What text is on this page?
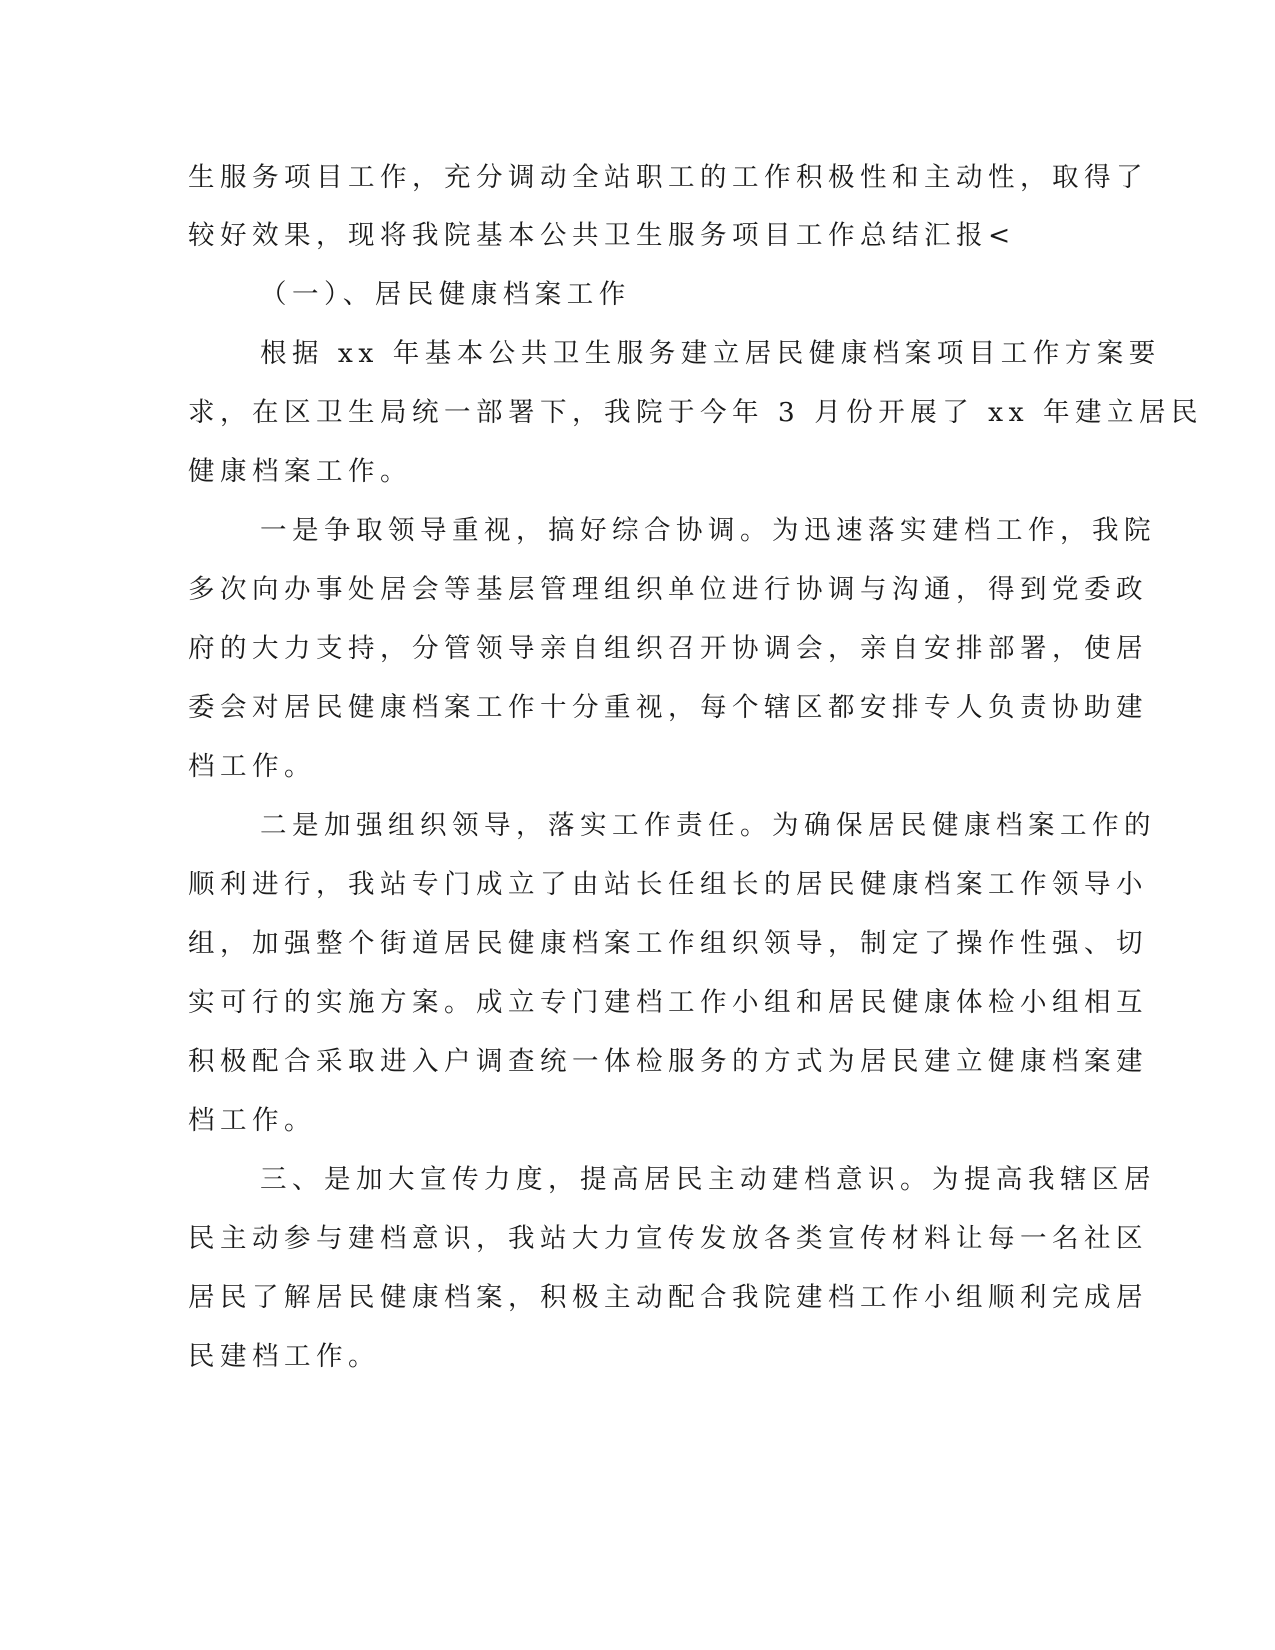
生服务项目工作，充分调动全站职工的工作积极性和主动性，取得了
较好效果，现将我院基本公共卫生服务项目工作总结汇报<
（一）、居民健康档案工作
根据 xx 年基本公共卫生服务建立居民健康档案项目工作方案要
求，在区卫生局统一部署下，我院于今年 3 月份开展了 xx 年建立居民
健康档案工作。
一是争取领导重视，搞好综合协调。为迅速落实建档工作，我院
多次向办事处居会等基层管理组织单位进行协调与沟通，得到党委政
府的大力支持，分管领导亲自组织召开协调会，亲自安排部署，使居
委会对居民健康档案工作十分重视，每个辖区都安排专人负责协助建
档工作。
二是加强组织领导，落实工作责任。为确保居民健康档案工作的
顺利进行，我站专门成立了由站长任组长的居民健康档案工作领导小
组，加强整个街道居民健康档案工作组织领导，制定了操作性强、切
实可行的实施方案。成立专门建档工作小组和居民健康体检小组相互
积极配合采取进入户调查统一体检服务的方式为居民建立健康档案建
档工作。
三、是加大宣传力度，提高居民主动建档意识。为提高我辖区居
民主动参与建档意识，我站大力宣传发放各类宣传材料让每一名社区
居民了解居民健康档案，积极主动配合我院建档工作小组顺利完成居
民建档工作。
